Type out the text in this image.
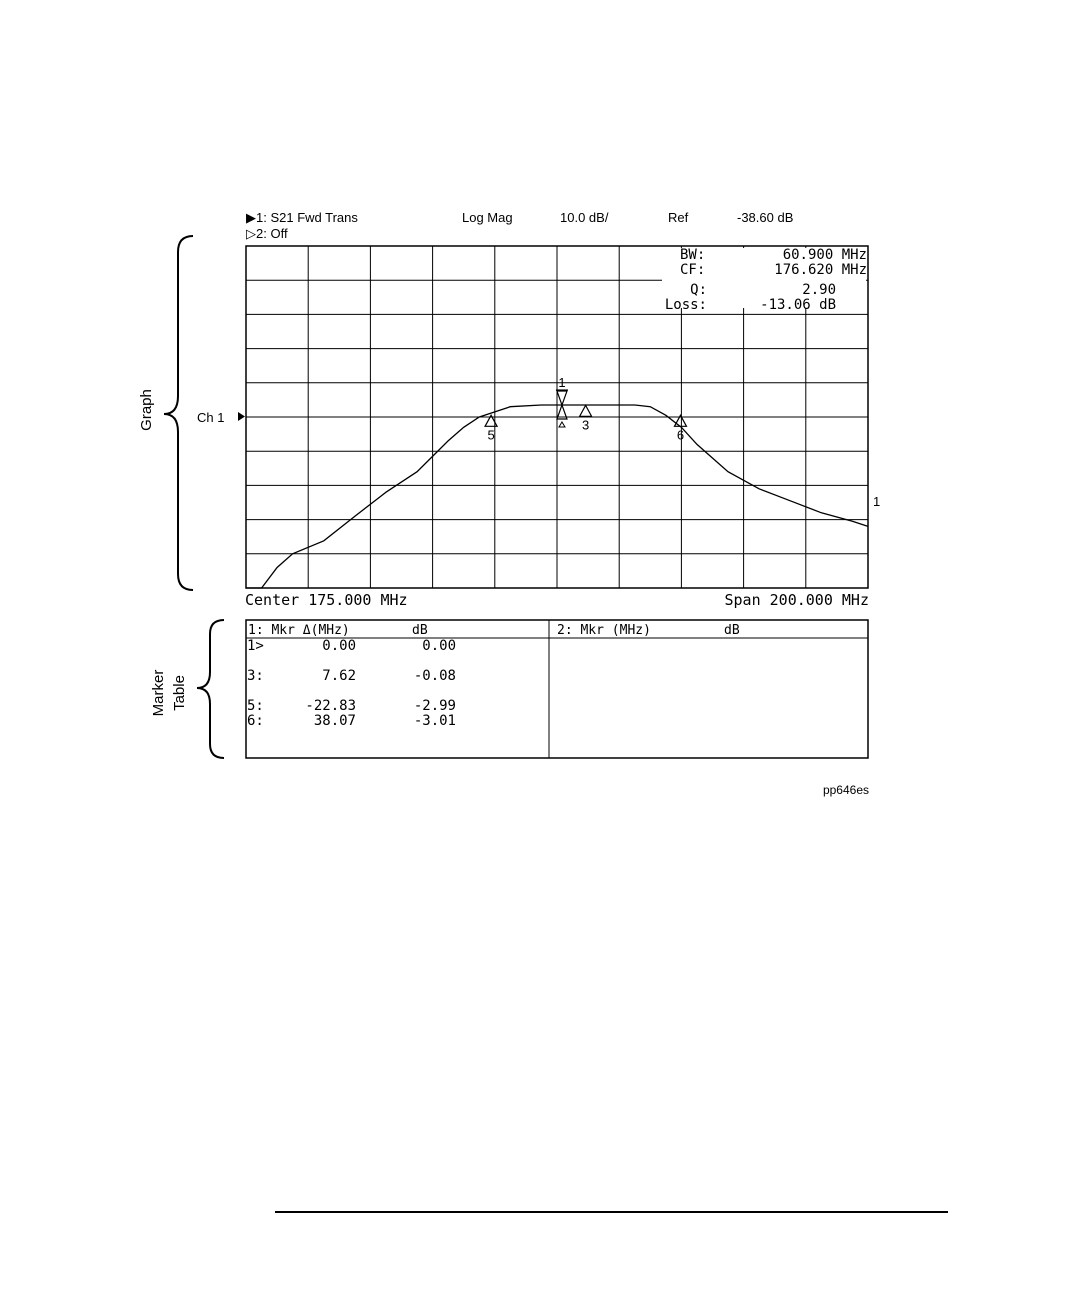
Graph
Marker Table
▶1: S21 Fwd Trans
▷2: Off
Log Mag	10.0 dB/	Ref	-38.60 dB
1
3
5	6
BW:	60.900 MHz
CF:	176.620 MHz
Q:	2.90
Loss:	-13.06 dB
Ch 1
1
Center 175.000 MHz	Span 200.000 MHz
1: Mkr Δ(MHz)	dB	2: Mkr (MHz)	dB
1>	0.00	0.00
3:	7.62	-0.08
5:	-22.83	-2.99
6:	38.07	-3.01
pp646es
